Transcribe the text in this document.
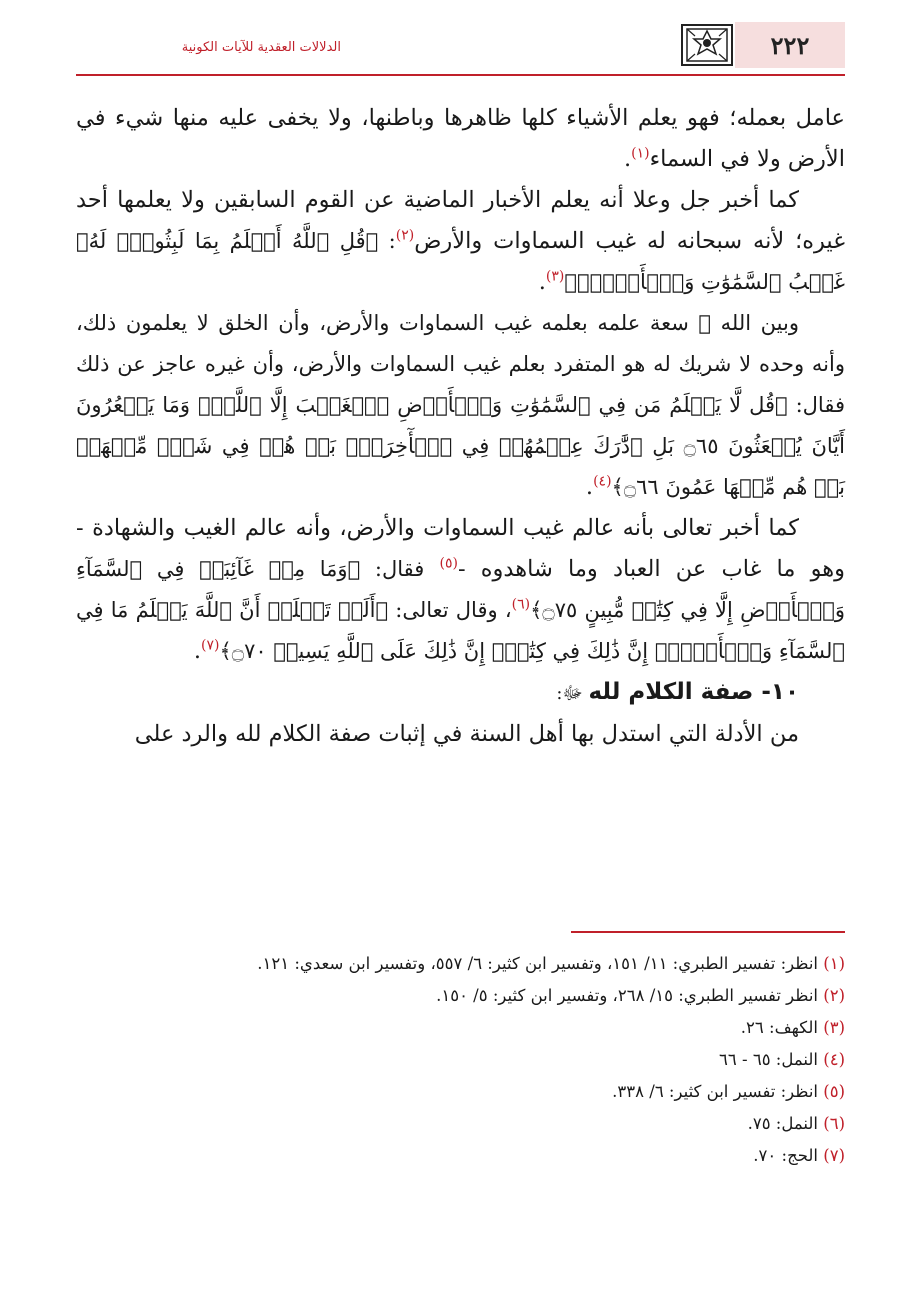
٢٢٢
الدلالات العقدية للآيات الكونية

عامل بعمله؛ فهو يعلم الأشياء كلها ظاهرها وباطنها، ولا يخفى عليه منها شيء في الأرض ولا في السماء$^{(١)}$.

كما أخبر جل وعلا أنه يعلم الأخبار الماضية عن القوم السابقين ولا يعلمها أحد غيره؛ لأنه سبحانه له غيب السماوات والأرض$^{(٢)}$: ﴿قُلِ ٱللَّهُ أَعۡلَمُ بِمَا لَبِثُواْۖ لَهُۥ غَيۡبُ ٱلسَّمَٰوَٰتِ وَٱلۡأَرۡضِۖ﴾$^{(٣)}$.

وبين الله ﷻ سعة علمه بعلمه غيب السماوات والأرض، وأن الخلق لا يعلمون ذلك، وأنه وحده لا شريك له هو المتفرد بعلم غيب السماوات والأرض، وأن غيره عاجز عن ذلك فقال: ﴿قُل لَّا يَعۡلَمُ مَن فِي ٱلسَّمَٰوَٰتِ وَٱلۡأَرۡضِ ٱلۡغَيۡبَ إِلَّا ٱللَّهُۚ وَمَا يَشۡعُرُونَ أَيَّانَ يُبۡعَثُونَ ۝٦٥ بَلِ ٱدَّٰرَكَ عِلۡمُهُمۡ فِي ٱلۡأٓخِرَةِۚ بَلۡ هُمۡ فِي شَكّٖ مِّنۡهَاۖ بَلۡ هُم مِّنۡهَا عَمُونَ ۝٦٦﴾$^{(٤)}$.

كما أخبر تعالى بأنه عالم غيب السماوات والأرض، وأنه عالم الغيب والشهادة - وهو ما غاب عن العباد وما شاهدوه -$^{(٥)}$ فقال: ﴿وَمَا مِنۡ غَآئِبَةٖ فِي ٱلسَّمَآءِ وَٱلۡأَرۡضِ إِلَّا فِي كِتَٰبٖ مُّبِينٍ ۝٧٥﴾$^{(٦)}$، وقال تعالى: ﴿أَلَمۡ تَعۡلَمۡ أَنَّ ٱللَّهَ يَعۡلَمُ مَا فِي ٱلسَّمَآءِ وَٱلۡأَرۡضِۚ إِنَّ ذَٰلِكَ فِي كِتَٰبٍۚ إِنَّ ذَٰلِكَ عَلَى ٱللَّهِ يَسِيرٞ ۝٧٠﴾$^{(٧)}$.

١٠- صفة الكلام لله ﷻ:

من الأدلة التي استدل بها أهل السنة في إثبات صفة الكلام لله والرد على

(١) انظر: تفسير الطبري: ١١/ ١٥١، وتفسير ابن كثير: ٦/ ٥٥٧، وتفسير ابن سعدي: ١٢١.

(٢) انظر تفسير الطبري: ١٥/ ٢٦٨، وتفسير ابن كثير: ٥/ ١٥٠.

(٣) الكهف: ٢٦.

(٤) النمل: ٦٥ - ٦٦

(٥) انظر: تفسير ابن كثير: ٦/ ٣٣٨.

(٦) النمل: ٧٥.

(٧) الحج: ٧٠.
